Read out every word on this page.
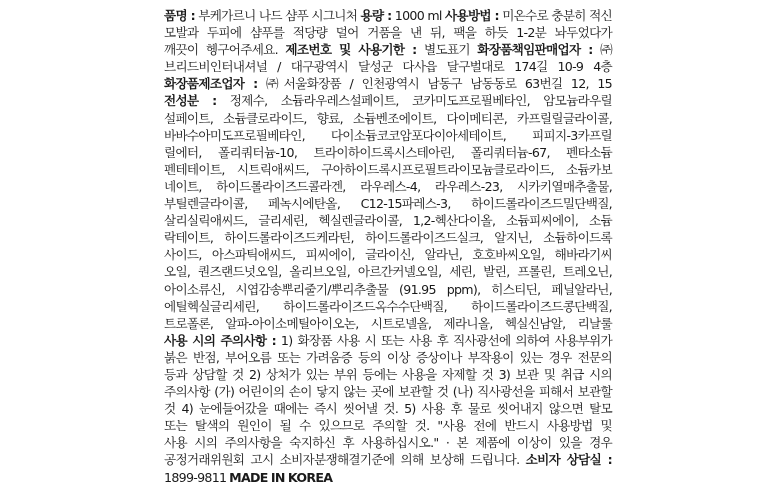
품명 : 부케가르니 나드 샴푸 시그니처 용량 : 1000 ml 사용방법 : 미온수로 충분히 적신
모발과 두피에 샴푸를 적당량 덜어 거품을 낸 뒤, 팩을 하듯 1-2분 놔두었다가
깨끗이 헹구어주세요. 제조번호 및 사용기한 : 별도표기 화장품책임판매업자 : ㈜
브리드비인터내셔널 / 대구광역시 달성군 다사읍 달구벌대로 174길 10-9 4층
화장품제조업자 : ㈜서울화장품 / 인천광역시 남동구 남동동로 63번길 12, 15
전성분 : 정제수, 소듐라우레스설페이트, 코카미도프로필베타인, 암모늄라우릴
설페이트, 소듐클로라이드, 향료, 소듐벤조에이트, 다이메티콘, 카프릴릴글라이콜,
바바수아미도프로필베타인, 다이소듐코코암포다이아세테이트, 피피지-3카프릴
릴에터, 폴리쿼터늄-10, 트라이하이드록시스테아린, 폴리쿼터늄-67, 펜타소듐
펜테테이트, 시트릭애씨드, 구아하이드록시프로필트라이모늄클로라이드, 소듐카보
네이트, 하이드롤라이즈드콜라겐, 라우레스-4, 라우레스-23, 시카키열매추출물,
부틸렌글라이콜, 페녹시에탄올, C12-15파레스-3, 하이드롤라이즈드밀단백질,
살리실릭애씨드, 글리세린, 헥실렌글라이콜, 1,2-헥산다이올, 소듐피씨에이, 소듐
락테이트, 하이드롤라이즈드케라틴, 하이드롤라이즈드실크, 알지닌, 소듐하이드록
사이드, 아스파틱애씨드, 피씨에이, 글라이신, 알라닌, 호호바씨오일, 해바라기씨
오일, 퀀즈랜드넛오일, 올리브오일, 아르간커넬오일, 세린, 발린, 프롤린, 트레오닌,
아이소류신, 시엽감송뿌리줄기/뿌리추출물 (91.95 ppm), 히스티딘, 페닐알라닌,
에틸헥실글리세린, 하이드롤라이즈드옥수수단백질, 하이드롤라이즈드콩단백질,
트로폴론, 알파-아이소메틸아이오논, 시트로넬올, 제라니올, 헥실신남알, 리날룰
사용 시의 주의사항 : 1) 화장품 사용 시 또는 사용 후 직사광선에 의하여 사용부위가
붉은 반점, 부어오름 또는 가려움증 등의 이상 증상이나 부작용이 있는 경우 전문의
등과 상담할 것 2) 상처가 있는 부위 등에는 사용을 자제할 것 3) 보관 및 취급 시의
주의사항 (가) 어린이의 손이 닿지 않는 곳에 보관할 것 (나) 직사광선을 피해서 보관할
것 4) 눈에들어갔을 때에는 즉시 씻어낼 것. 5) 사용 후 물로 씻어내지 않으면 탈모
또는 탈색의 원인이 될 수 있으므로 주의할 것. "사용 전에 반드시 사용방법 및
사용 시의 주의사항을 숙지하신 후 사용하십시오." · 본 제품에 이상이 있을 경우
공정거래위원회 고시 소비자분쟁해결기준에 의해 보상해 드립니다. 소비자 상담실 :
1899-9811 MADE IN KOREA
